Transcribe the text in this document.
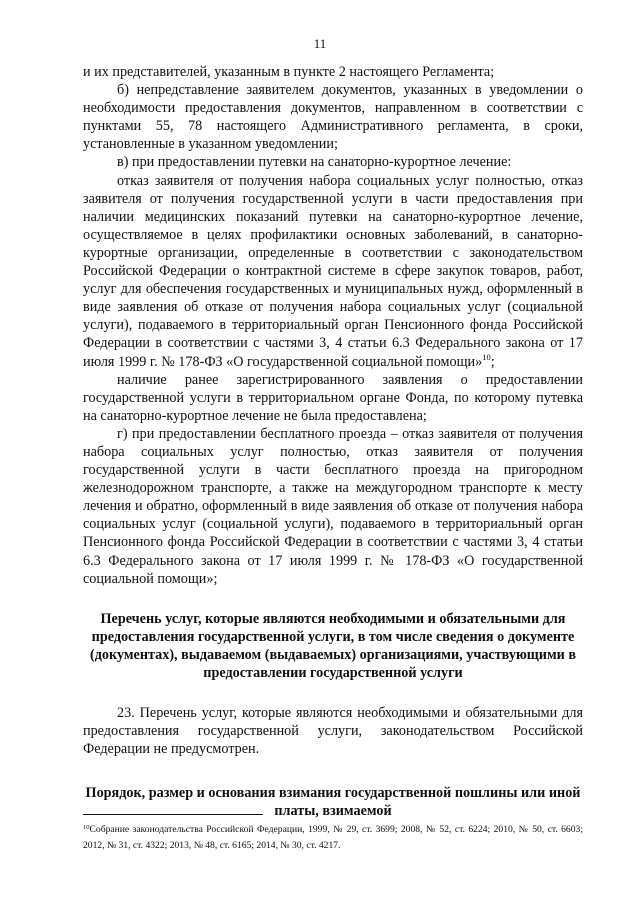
11

и их представителей, указанным в пункте 2 настоящего Регламента;

б) непредставление заявителем документов, указанных в уведомлении о необходимости предоставления документов, направленном в соответствии с пунктами 55, 78 настоящего Административного регламента, в сроки, установленные в указанном уведомлении;

в) при предоставлении путевки на санаторно-курортное лечение:

отказ заявителя от получения набора социальных услуг полностью, отказ заявителя от получения государственной услуги в части предоставления при наличии медицинских показаний путевки на санаторно-курортное лечение, осуществляемое в целях профилактики основных заболеваний, в санаторно-курортные организации, определенные в соответствии с законодательством Российской Федерации о контрактной системе в сфере закупок товаров, работ, услуг для обеспечения государственных и муниципальных нужд, оформленный в виде заявления об отказе от получения набора социальных услуг (социальной услуги), подаваемого в территориальный орган Пенсионного фонда Российской Федерации в соответствии с частями 3, 4 статьи 6.3 Федерального закона от 17 июля 1999 г. № 178-ФЗ «О государственной социальной помощи»$^{10}$;

наличие ранее зарегистрированного заявления о предоставлении государственной услуги в территориальном органе Фонда, по которому путевка на санаторно-курортное лечение не была предоставлена;

г) при предоставлении бесплатного проезда – отказ заявителя от получения набора социальных услуг полностью, отказ заявителя от получения государственной услуги в части бесплатного проезда на пригородном железнодорожном транспорте, а также на междугородном транспорте к месту лечения и обратно, оформленный в виде заявления об отказе от получения набора социальных услуг (социальной услуги), подаваемого в территориальный орган Пенсионного фонда Российской Федерации в соответствии с частями 3, 4 статьи 6.3 Федерального закона от 17 июля 1999 г. № 178-ФЗ «О государственной социальной помощи»;

Перечень услуг, которые являются необходимыми и обязательными для предоставления государственной услуги, в том числе сведения о документе (документах), выдаваемом (выдаваемых) организациями, участвующими в предоставлении государственной услуги

23. Перечень услуг, которые являются необходимыми и обязательными для предоставления государственной услуги, законодательством Российской Федерации не предусмотрен.

Порядок, размер и основания взимания государственной пошлины или иной платы, взимаемой
$^{10}$Собрание законодательства Российской Федерации, 1999, № 29, ст. 3699; 2008, № 52, ст. 6224; 2010, № 50, ст. 6603; 2012, № 31, ст. 4322; 2013, № 48, ст. 6165; 2014, № 30, ст. 4217.
